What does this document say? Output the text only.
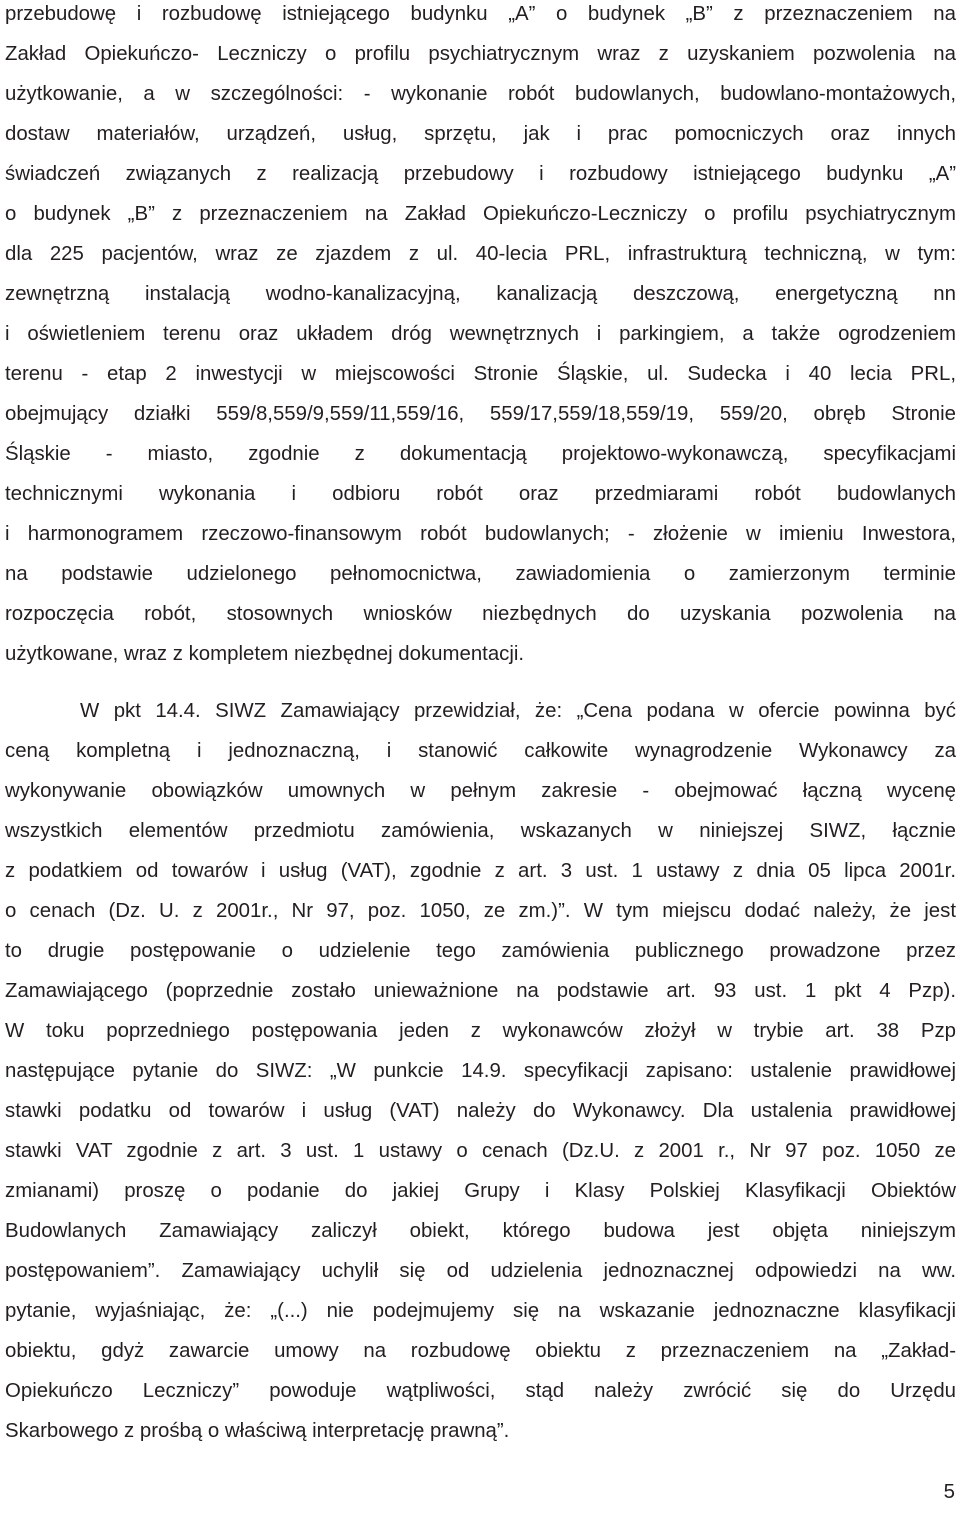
przebudowę i rozbudowę istniejącego budynku „A” o budynek „B” z przeznaczeniem na
Zakład Opiekuńczo- Leczniczy o profilu psychiatrycznym wraz z uzyskaniem pozwolenia na
użytkowanie, a w szczególności: - wykonanie robót budowlanych, budowlano-montażowych,
dostaw materiałów, urządzeń, usług, sprzętu, jak i prac pomocniczych oraz innych
świadczeń związanych z realizacją przebudowy i rozbudowy istniejącego budynku „A”
o budynek „B” z przeznaczeniem na Zakład Opiekuńczo-Leczniczy o profilu psychiatrycznym
dla 225 pacjentów, wraz ze zjazdem z ul. 40-lecia PRL, infrastrukturą techniczną, w tym:
zewnętrzną instalacją wodno-kanalizacyjną, kanalizacją deszczową, energetyczną nn
i oświetleniem terenu oraz układem dróg wewnętrznych i parkingiem, a także ogrodzeniem
terenu - etap 2 inwestycji w miejscowości Stronie Śląskie, ul. Sudecka i 40 lecia PRL,
obejmujący działki 559/8,559/9,559/11,559/16, 559/17,559/18,559/19, 559/20, obręb Stronie
Śląskie - miasto, zgodnie z dokumentacją projektowo-wykonawczą, specyfikacjami
technicznymi wykonania i odbioru robót oraz przedmiarami robót budowlanych
i harmonogramem rzeczowo-finansowym robót budowlanych; - złożenie w imieniu Inwestora,
na podstawie udzielonego pełnomocnictwa, zawiadomienia o zamierzonym terminie
rozpoczęcia robót, stosownych wniosków niezbędnych do uzyskania pozwolenia na
użytkowane, wraz z kompletem niezbędnej dokumentacji.
W pkt 14.4. SIWZ Zamawiający przewidział, że: „Cena podana w ofercie powinna być
ceną kompletną i jednoznaczną, i stanowić całkowite wynagrodzenie Wykonawcy za
wykonywanie obowiązków umownych w pełnym zakresie - obejmować łączną wycenę
wszystkich elementów przedmiotu zamówienia, wskazanych w niniejszej SIWZ, łącznie
z podatkiem od towarów i usług (VAT), zgodnie z art. 3 ust. 1 ustawy z dnia 05 lipca 2001r.
o cenach (Dz. U. z 2001r., Nr 97, poz. 1050, ze zm.)”. W tym miejscu dodać należy, że jest
to drugie postępowanie o udzielenie tego zamówienia publicznego prowadzone przez
Zamawiającego (poprzednie zostało unieważnione na podstawie art. 93 ust. 1 pkt 4 Pzp).
W toku poprzedniego postępowania jeden z wykonawców złożył w trybie art. 38 Pzp
następujące pytanie do SIWZ: „W punkcie 14.9. specyfikacji zapisano: ustalenie prawidłowej
stawki podatku od towarów i usług (VAT) należy do Wykonawcy. Dla ustalenia prawidłowej
stawki VAT zgodnie z art. 3 ust. 1 ustawy o cenach (Dz.U. z 2001 r., Nr 97 poz. 1050 ze
zmianami) proszę o podanie do jakiej Grupy i Klasy Polskiej Klasyfikacji Obiektów
Budowlanych Zamawiający zaliczył obiekt, którego budowa jest objęta niniejszym
postępowaniem”. Zamawiający uchylił się od udzielenia jednoznacznej odpowiedzi na ww.
pytanie, wyjaśniając, że: „(...) nie podejmujemy się na wskazanie jednoznaczne klasyfikacji
obiektu, gdyż zawarcie umowy na rozbudowę obiektu z przeznaczeniem na „Zakład-
Opiekuńczo Leczniczy” powoduje wątpliwości, stąd należy zwrócić się do Urzędu
Skarbowego z prośbą o właściwą interpretację prawną”.
5
